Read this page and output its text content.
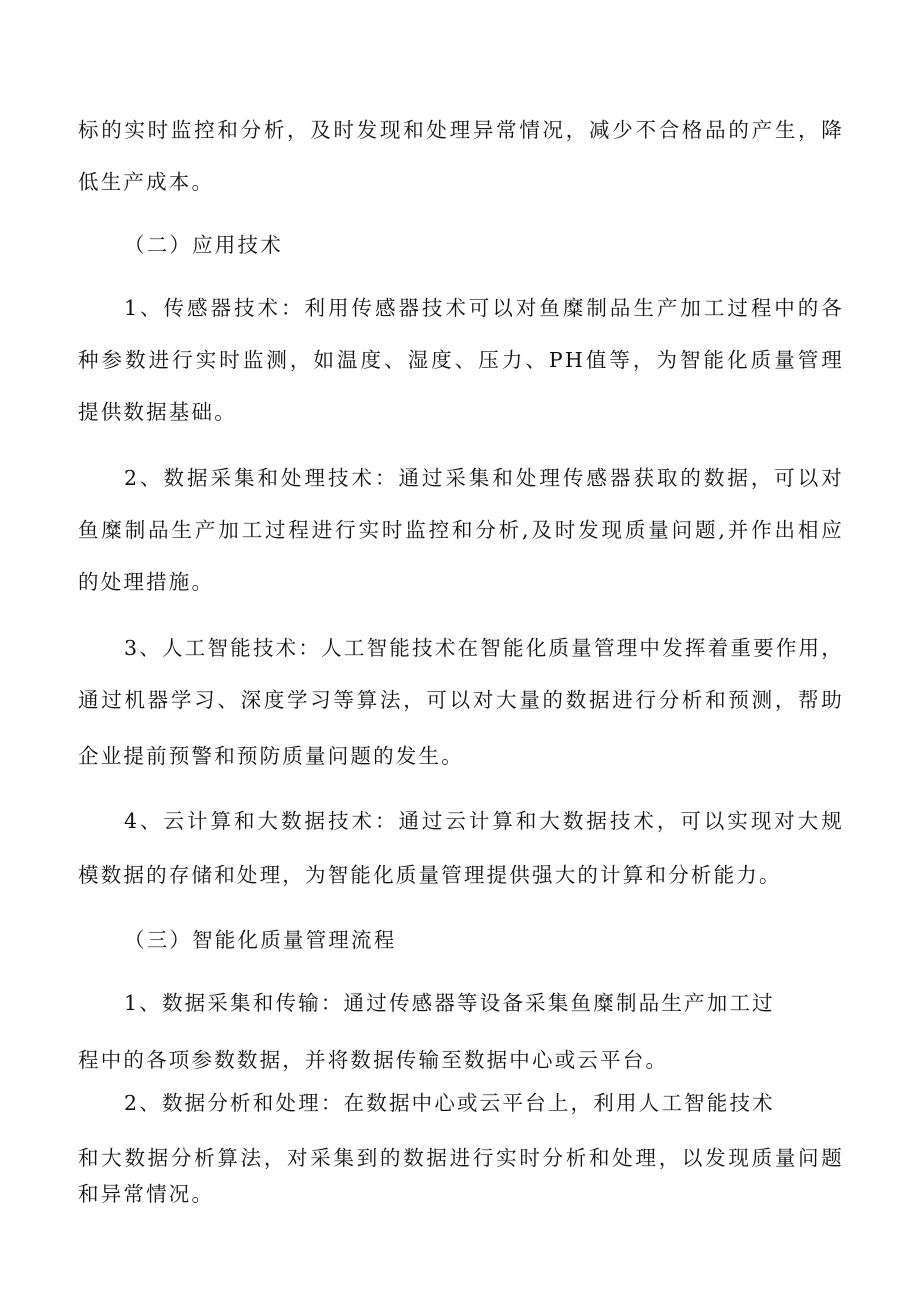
标的实时监控和分析，及时发现和处理异常情况，减少不合格品的产生，降
低生产成本。
（二）应用技术
1、传感器技术：利用传感器技术可以对鱼糜制品生产加工过程中的各
种参数进行实时监测，如温度、湿度、压力、PH值等，为智能化质量管理
提供数据基础。
2、数据采集和处理技术：通过采集和处理传感器获取的数据，可以对
鱼糜制品生产加工过程进行实时监控和分析,及时发现质量问题,并作出相应
的处理措施。
3、人工智能技术：人工智能技术在智能化质量管理中发挥着重要作用，
通过机器学习、深度学习等算法，可以对大量的数据进行分析和预测，帮助
企业提前预警和预防质量问题的发生。
4、云计算和大数据技术：通过云计算和大数据技术，可以实现对大规
模数据的存储和处理，为智能化质量管理提供强大的计算和分析能力。
（三）智能化质量管理流程
1、数据采集和传输：通过传感器等设备采集鱼糜制品生产加工过
程中的各项参数数据，并将数据传输至数据中心或云平台。
2、数据分析和处理：在数据中心或云平台上，利用人工智能技术
和大数据分析算法，对采集到的数据进行实时分析和处理，以发现质量问题
和异常情况。
